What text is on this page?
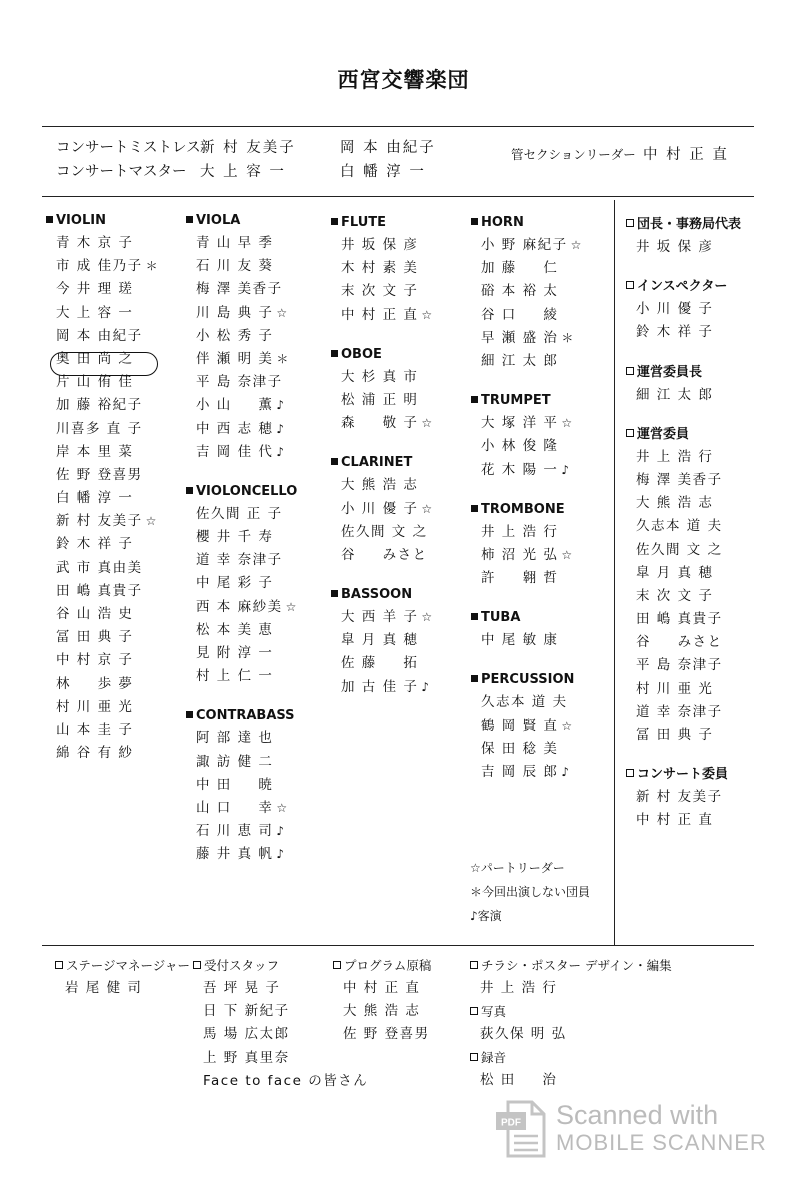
西宮交響楽団
コンサートミストレス 新 村 友美子	岡 本 由紀子
コンサートマスター 大 上 容 一	白 幡 淳 一
管セクションリーダー 中 村 正 直
VIOLIN
青 木 京 子
市 成 佳乃子 ＊
今 井 理 瑳
大 上 容 一
岡 本 由紀子
奥 田 尚 之
片 山 侑 佳
加 藤 裕紀子
川喜多 直 子
岸 本 里 菜
佐 野 登喜男
白 幡 淳 一
新 村 友美子 ☆
鈴 木 祥 子
武 市 真由美
田 嶋 真貴子
谷 山 浩 史
冨 田 典 子
中 村 京 子
林 　 歩 夢
村 川 亜 光
山 本 圭 子
綿 谷 有 紗
VIOLA
青 山 早 季
石 川 友 葵
梅 澤 美香子
川 島 典 子 ☆
小 松 秀 子
伴 瀬 明 美 ＊
平 島 奈津子
小 山 　 薫 ♪
中 西 志 穂 ♪
吉 岡 佳 代 ♪
VIOLONCELLO
佐久間 正 子
櫻 井 千 寿
道 幸 奈津子
中 尾 彩 子
西 本 麻紗美 ☆
松 本 美 恵
見 附 淳 一
村 上 仁 一
CONTRABASS
阿 部 達 也
諏 訪 健 二
中 田 　 暁
山 口 　 幸 ☆
石 川 恵 司 ♪
藤 井 真 帆 ♪
FLUTE
井 坂 保 彦
木 村 素 美
末 次 文 子
中 村 正 直 ☆
OBOE
大 杉 真 市
松 浦 正 明
森 　 敬 子 ☆
CLARINET
大 熊 浩 志
小 川 優 子 ☆
佐久間 文 之
谷 　 みさと
BASSOON
大 西 羊 子 ☆
皐 月 真 穂
佐 藤 　 拓
加 古 佳 子 ♪
HORN
小 野 麻紀子 ☆
加 藤 　 仁
硲 本 裕 太
谷 口 　 綾
早 瀬 盛 治 ＊
細 江 太 郎
TRUMPET
大 塚 洋 平 ☆
小 林 俊 隆
花 木 陽 一 ♪
TROMBONE
井 上 浩 行
柿 沼 光 弘 ☆
許 　 翱 哲
TUBA
中 尾 敏 康
PERCUSSION
久志本 道 夫
鶴 岡 賢 直 ☆
保 田 稔 美
吉 岡 辰 郎 ♪
団長・事務局代表
井 坂 保 彦
インスペクター
小 川 優 子
鈴 木 祥 子
運営委員長
細 江 太 郎
運営委員
井 上 浩 行
梅 澤 美香子
大 熊 浩 志
久志本 道 夫
佐久間 文 之
皐 月 真 穂
末 次 文 子
田 嶋 真貴子
谷 　 みさと
平 島 奈津子
村 川 亜 光
道 幸 奈津子
冨 田 典 子
コンサート委員
新 村 友美子
中 村 正 直
☆パートリーダー
＊今回出演しない団員
♪客演
ステージマネージャー
岩 尾 健 司
受付スタッフ
吾 坪 晃 子
日 下 新紀子
馬 場 広太郎
上 野 真里奈
Face to face の皆さん
プログラム原稿
中 村 正 直
大 熊 浩 志
佐 野 登喜男
チラシ・ポスター デザイン・編集
井 上 浩 行
写真
荻久保 明 弘
録音
松 田 　 治
PDF Scanned with
MOBILE SCANNER
